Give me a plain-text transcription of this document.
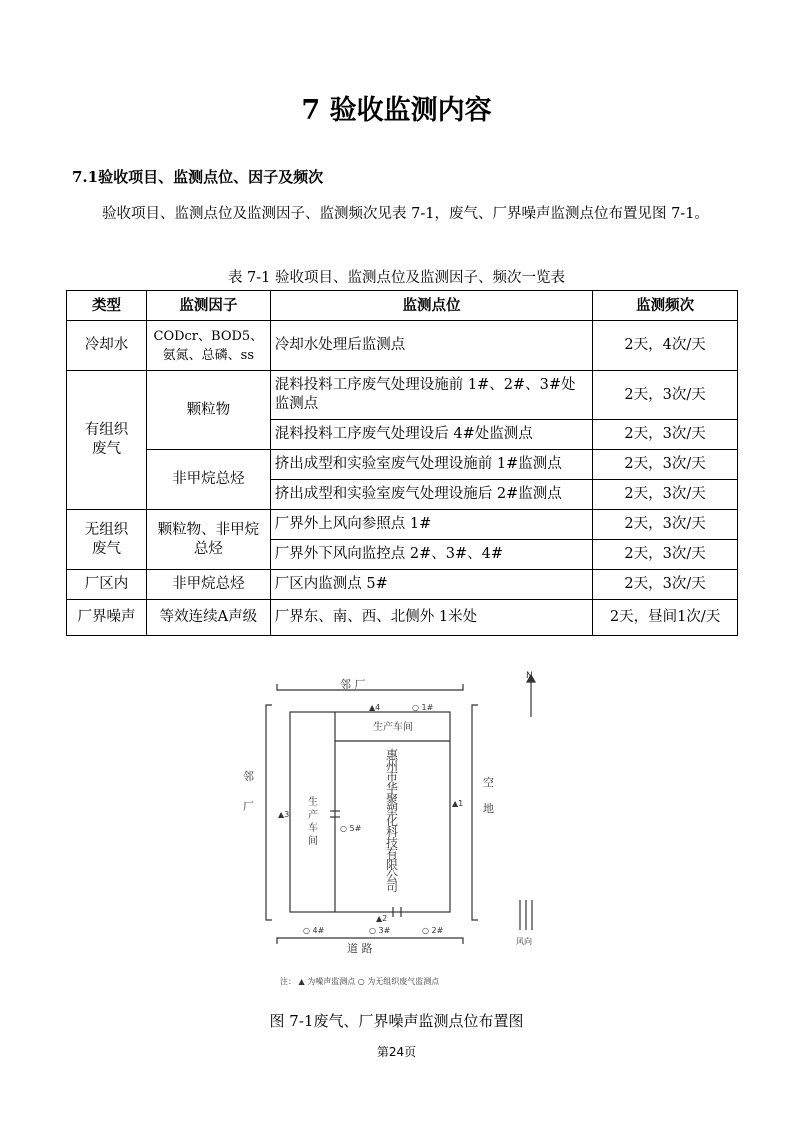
7 验收监测内容
7.1验收项目、监测点位、因子及频次
验收项目、监测点位及监测因子、监测频次见表 7-1，废气、厂界噪声监测点位布置见图 7-1。
表 7-1 验收项目、监测点位及监测因子、频次一览表
类型	监测因子	监测点位	监测频次
冷却水	CODcr、BOD5、氨氮、总磷、ss	冷却水处理后监测点	2天，4次/天
有组织废气	颗粒物	混料投料工序废气处理设施前 1#、2#、3#处监测点	2天，3次/天
		混料投料工序废气处理设后 4#处监测点	2天，3次/天
	非甲烷总烃	挤出成型和实验室废气处理设施前 1#监测点	2天，3次/天
		挤出成型和实验室废气处理设施后 2#监测点	2天，3次/天
无组织废气	颗粒物、非甲烷总烃	厂界外上风向参照点 1#	2天，3次/天
		厂界外下风向监控点 2#、3#、4#	2天，3次/天
厂区内	非甲烷总烃	厂区内监测点 5#	2天，3次/天
厂界噪声	等效连续A声级	厂界东、南、西、北侧外 1米处	2天，昼间1次/天
N
邻 厂
邻
厂
空
地
道 路
生产车间
生
产
车
间
惠
州
市
华
聚
塑
化
科
技
有
限
公
司
▲4
▲1
▲3
▲2
○ 1#
○ 5#
○ 4#	○ 3#	○ 2#
风向
注： ▲ 为噪声监测点 ○ 为无组织废气监测点
图 7-1废气、厂界噪声监测点位布置图
第24页
